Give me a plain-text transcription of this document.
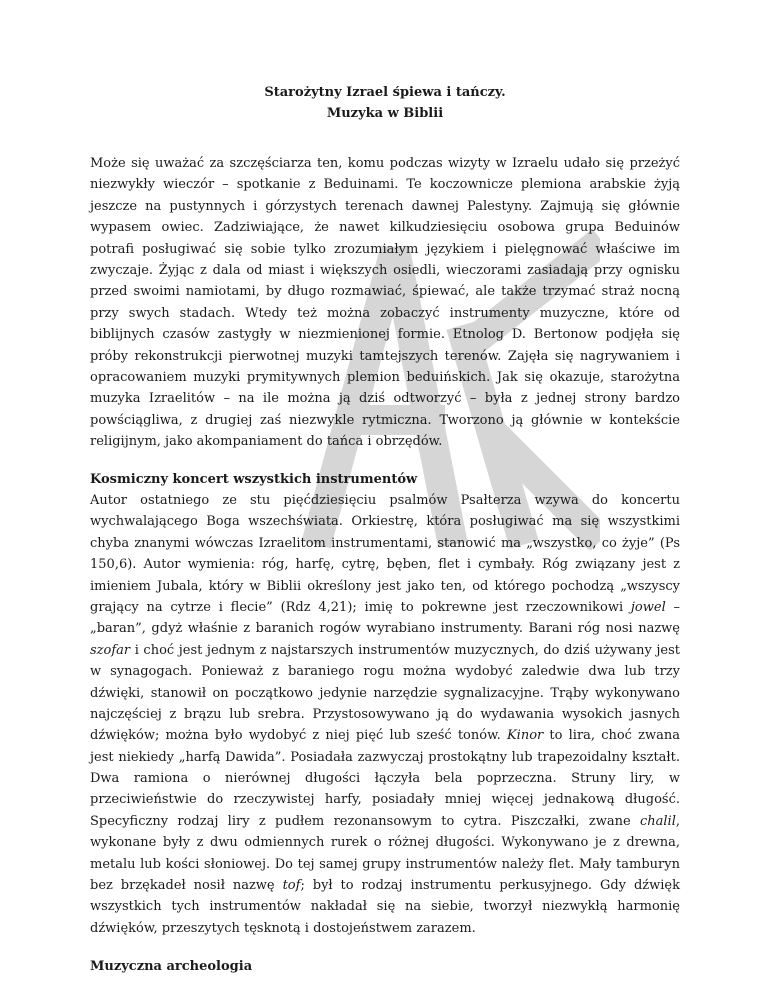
Starożytny Izrael śpiewa i tańczy.
Muzyka w Biblii
Może się uważać za szczęściarza ten, komu podczas wizyty w Izraelu udało się przeżyć
niezwykły wieczór – spotkanie z Beduinami. Te koczownicze plemiona arabskie żyją
jeszcze na pustynnych i górzystych terenach dawnej Palestyny. Zajmują się głównie
wypasem owiec. Zadziwiające, że nawet kilkudziesięciu osobowa grupa Beduinów
potrafi posługiwać się sobie tylko zrozumiałym językiem i pielęgnować właściwe im
zwyczaje. Żyjąc z dala od miast i większych osiedli, wieczorami zasiadają przy ognisku
przed swoimi namiotami, by długo rozmawiać, śpiewać, ale także trzymać straż nocną
przy swych stadach. Wtedy też można zobaczyć instrumenty muzyczne, które od
biblijnych czasów zastygły w niezmienionej formie. Etnolog D. Bertonow podjęła się
próby rekonstrukcji pierwotnej muzyki tamtejszych terenów. Zajęła się nagrywaniem i
opracowaniem muzyki prymitywnych plemion beduińskich. Jak się okazuje, starożytna
muzyka Izraelitów – na ile można ją dziś odtworzyć – była z jednej strony bardzo
powściągliwa, z drugiej zaś niezwykle rytmiczna. Tworzono ją głównie w kontekście
religijnym, jako akompaniament do tańca i obrzędów.
Kosmiczny koncert wszystkich instrumentów
Autor ostatniego ze stu pięćdziesięciu psalmów Psałterza wzywa do koncertu
wychwalającego Boga wszechświata. Orkiestrę, która posługiwać ma się wszystkimi
chyba znanymi wówczas Izraelitom instrumentami, stanowić ma „wszystko, co żyje” (Ps
150,6). Autor wymienia: róg, harfę, cytrę, bęben, flet i cymbały. Róg związany jest z
imieniem Jubala, który w Biblii określony jest jako ten, od którego pochodzą „wszyscy
grający na cytrze i flecie” (Rdz 4,21); imię to pokrewne jest rzeczownikowi jowel –
„baran”, gdyż właśnie z baranich rogów wyrabiano instrumenty. Barani róg nosi nazwę
szofar i choć jest jednym z najstarszych instrumentów muzycznych, do dziś używany jest
w synagogach. Ponieważ z baraniego rogu można wydobyć zaledwie dwa lub trzy
dźwięki, stanowił on początkowo jedynie narzędzie sygnalizacyjne. Trąby wykonywano
najczęściej z brązu lub srebra. Przystosowywano ją do wydawania wysokich jasnych
dźwięków; można było wydobyć z niej pięć lub sześć tonów. Kinor to lira, choć zwana
jest niekiedy „harfą Dawida”. Posiadała zazwyczaj prostokątny lub trapezoidalny kształt.
Dwa ramiona o nierównej długości łączyła bela poprzeczna. Struny liry, w
przeciwieństwie do rzeczywistej harfy, posiadały mniej więcej jednakową długość.
Specyficzny rodzaj liry z pudłem rezonansowym to cytra. Piszczałki, zwane chalil,
wykonane były z dwu odmiennych rurek o różnej długości. Wykonywano je z drewna,
metalu lub kości słoniowej. Do tej samej grupy instrumentów należy flet. Mały tamburyn
bez brzękadeł nosił nazwę tof; był to rodzaj instrumentu perkusyjnego. Gdy dźwięk
wszystkich tych instrumentów nakładał się na siebie, tworzył niezwykłą harmonię
dźwięków, przeszytych tęsknotą i dostojeństwem zarazem.
Muzyczna archeologia
